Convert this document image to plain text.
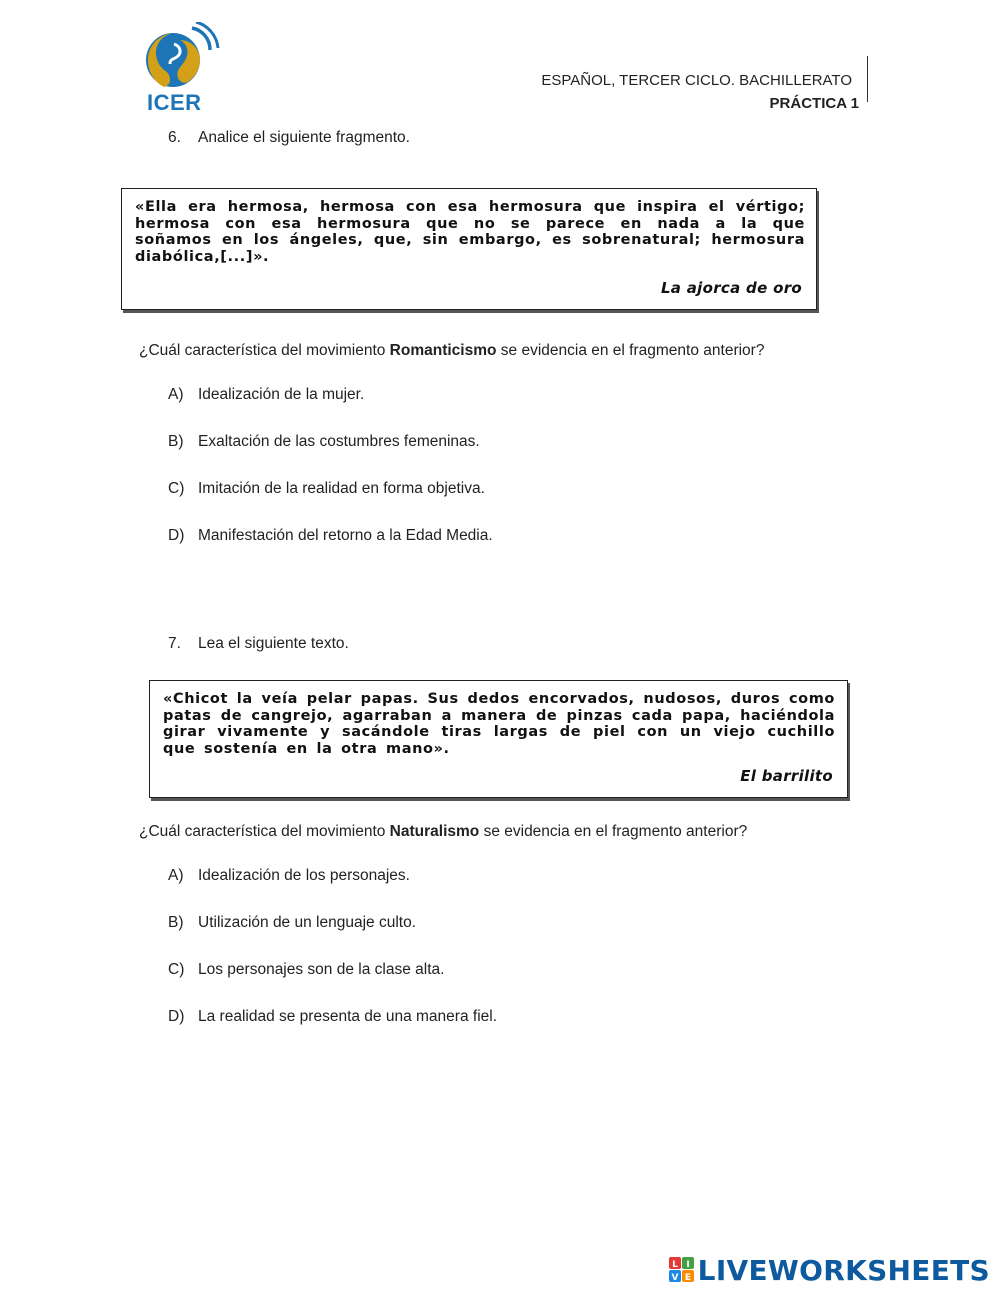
ICER
ESPAÑOL, TERCER CICLO. BACHILLERATO
PRÁCTICA 1
6. Analice el siguiente fragmento.

«Ella era hermosa, hermosa con esa hermosura que inspira el vértigo; hermosa con esa hermosura que no se parece en nada a la que soñamos en los ángeles, que, sin embargo, es sobrenatural; hermosura diabólica,[...]».

La ajorca de oro
¿Cuál característica del movimiento Romanticismo se evidencia en el fragmento anterior?
A) Idealización de la mujer.
B) Exaltación de las costumbres femeninas.
C) Imitación de la realidad en forma objetiva.
D) Manifestación del retorno a la Edad Media.
7. Lea el siguiente texto.

«Chicot la veía pelar papas. Sus dedos encorvados, nudosos, duros como patas de cangrejo, agarraban a manera de pinzas cada papa, haciéndola girar vivamente y sacándole tiras largas de piel con un viejo cuchillo que sostenía en la otra mano».

El barrilito
¿Cuál característica del movimiento Naturalismo se evidencia en el fragmento anterior?
A) Idealización de los personajes.
B) Utilización de un lenguaje culto.
C) Los personajes son de la clase alta.
D) La realidad se presenta de una manera fiel.
L I
V E LIVEWORKSHEETS
